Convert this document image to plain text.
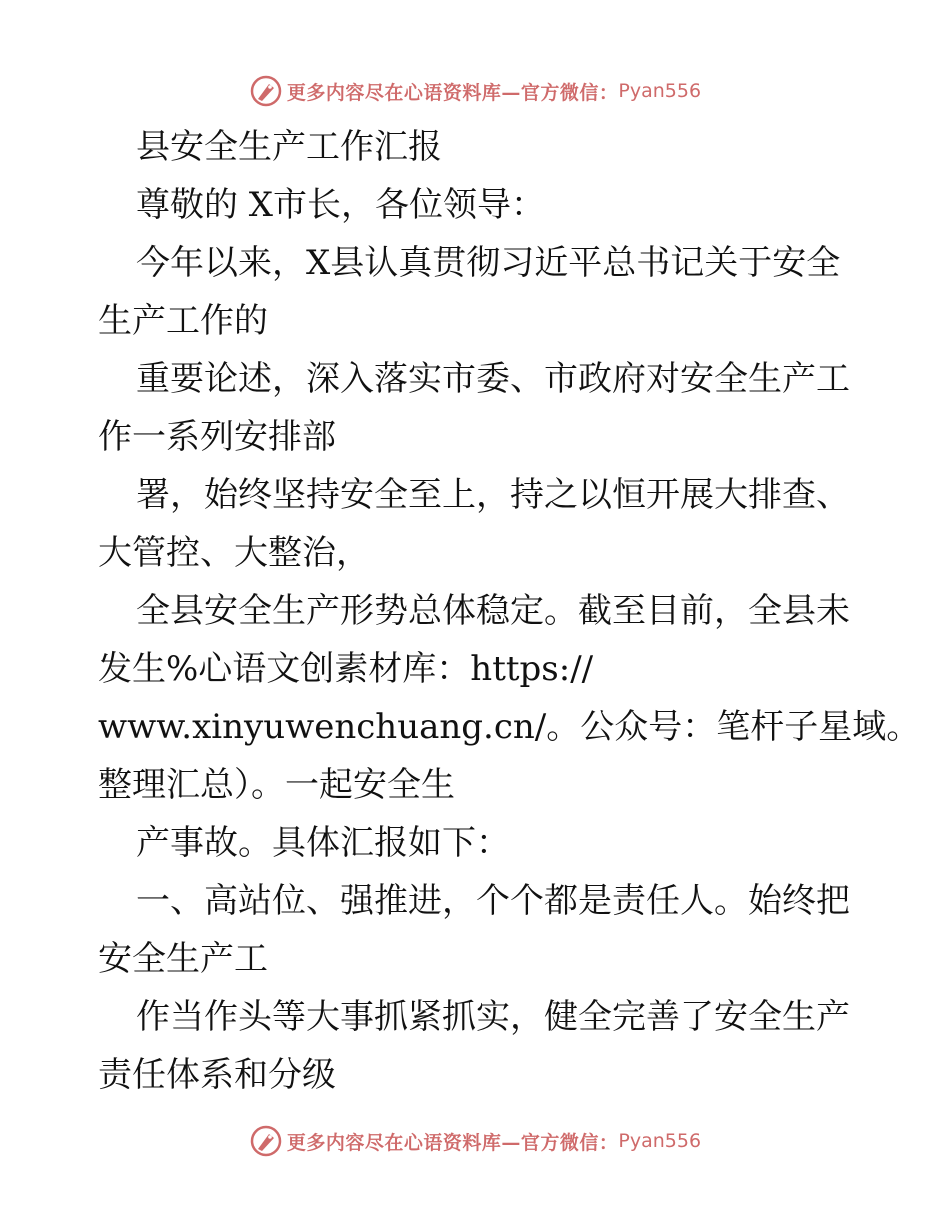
更多内容尽在心语资料库—官方微信： Pyan556
县安全生产工作汇报
尊敬的 X市长，各位领导：
今年以来，X县认真贯彻习近平总书记关于安全
生产工作的
重要论述，深入落实市委、市政府对安全生产工
作一系列安排部
署，始终坚持安全至上，持之以恒开展大排查、
大管控、大整治，
全县安全生产形势总体稳定。截至目前，全县未
发生%心语文创素材库：https://
www.xinyuwenchuang.cn/。公众号：笔杆子星域。
整理汇总）。一起安全生
产事故。具体汇报如下：
一、高站位、强推进，个个都是责任人。始终把
安全生产工
作当作头等大事抓紧抓实，健全完善了安全生产
责任体系和分级
更多内容尽在心语资料库—官方微信： Pyan556
